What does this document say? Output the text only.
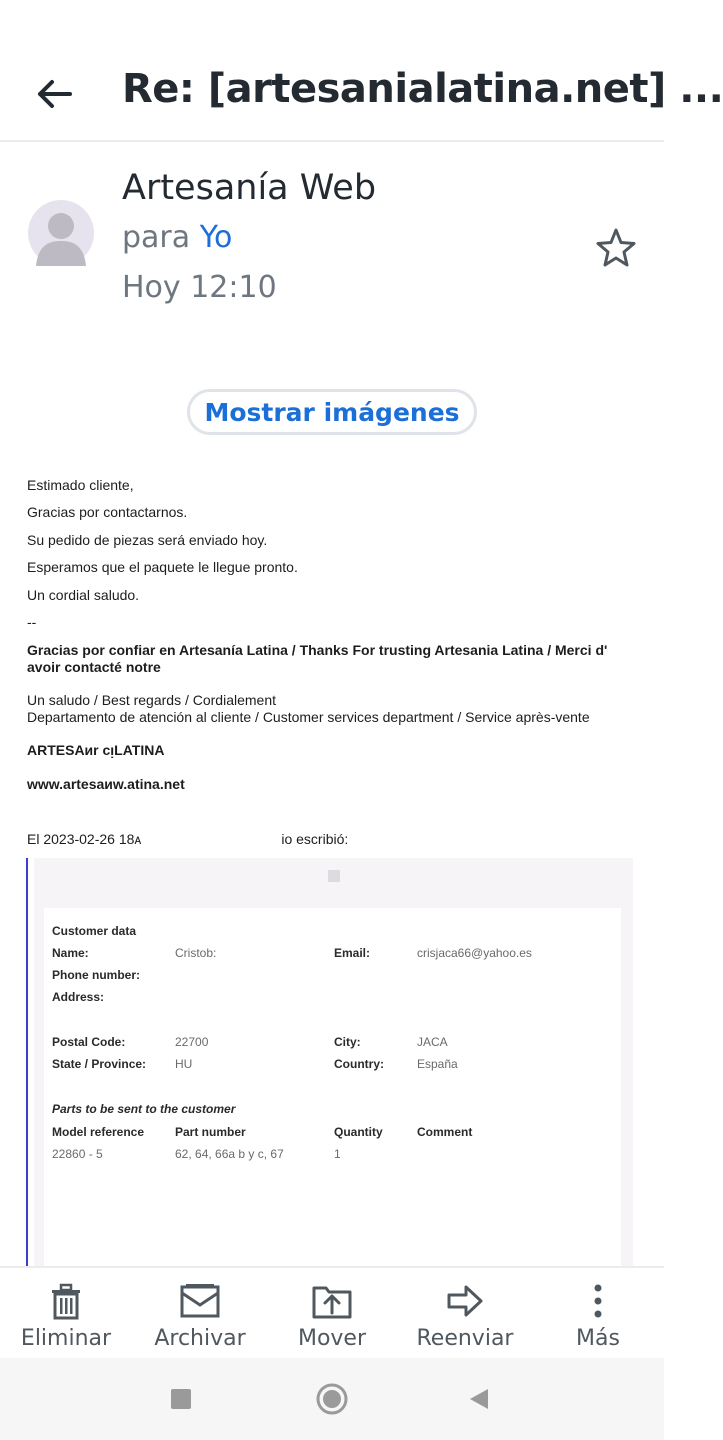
Re: [artesanialatina.net] ...
Artesanía Web
para Yo
Hoy 12:10
Mostrar imágenes
Estimado cliente,
Gracias por contactarnos.
Su pedido de piezas será enviado hoy.
Esperamos que el paquete le llegue pronto.
Un cordial saludo.
--
Gracias por confiar en Artesanía Latina / Thanks For trusting Artesania Latina / Merci d' avoir contacté notre
Un saludo / Best regards / Cordialement
Departamento de atención al cliente / Customer services department / Service après-vente
ARTESAᴎr ᴄᴉLATINA
www.artesaᴎw.atina.net
El 2023-02-26 18ᴀ	io escribió:
Customer data
Name:	Cristob:	Email:	crisjaca66@yahoo.es
Phone number:
Address:
Postal Code:	22700	City:	JACA
State / Province: HU	Country:	España
Parts to be sent to the customer
Model reference	Part number	Quantity	Comment
22860 - 5	62, 64, 66a b y c, 67	1
Eliminar Archivar Mover Reenviar	Más
